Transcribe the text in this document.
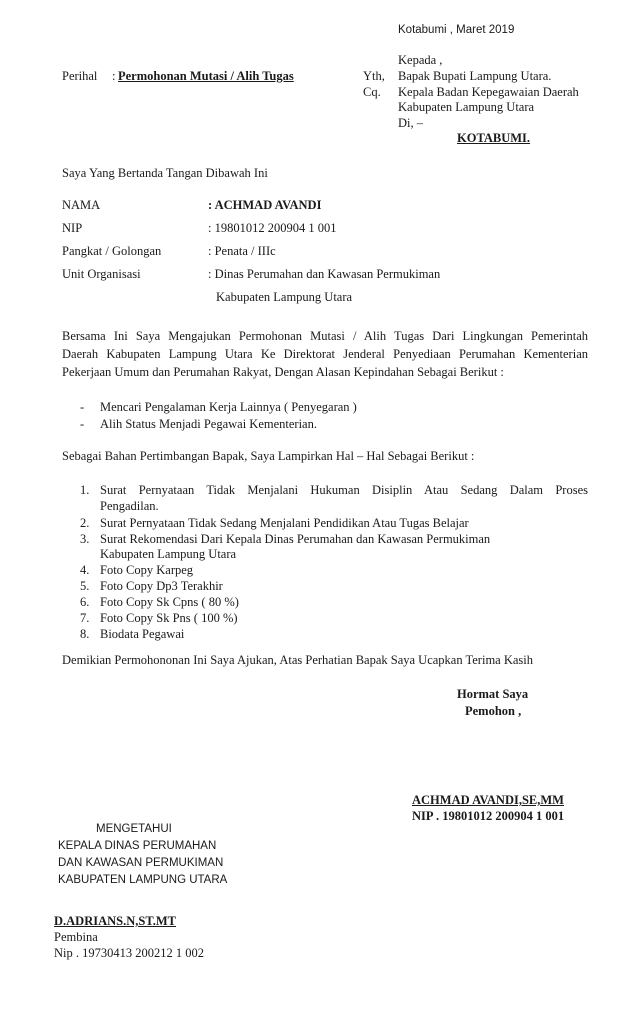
Kotabumi , Maret 2019
Kepada ,
Perihal : Permohonan Mutasi / Alih Tugas	Yth, Bapak Bupati Lampung Utara.
Cq. Kepala Badan Kepegawaian Daerah
Kabupaten Lampung Utara
Di, –
KOTABUMI.
Saya Yang Bertanda Tangan Dibawah Ini
NAMA	: ACHMAD AVANDI
NIP	: 19801012 200904 1 001
Pangkat / Golongan	: Penata / IIIc
Unit Organisasi	: Dinas Perumahan dan Kawasan Permukiman
Kabupaten Lampung Utara
Bersama Ini Saya Mengajukan Permohonan Mutasi / Alih Tugas Dari Lingkungan Pemerintah
Daerah Kabupaten Lampung Utara Ke Direktorat Jenderal Penyediaan Perumahan Kementerian
Pekerjaan Umum dan Perumahan Rakyat, Dengan Alasan Kepindahan Sebagai Berikut :
- Mencari Pengalaman Kerja Lainnya ( Penyegaran )
- Alih Status Menjadi Pegawai Kementerian.
Sebagai Bahan Pertimbangan Bapak, Saya Lampirkan Hal – Hal Sebagai Berikut :
1. Surat Pernyataan Tidak Menjalani Hukuman Disiplin Atau Sedang Dalam Proses
Pengadilan.
2. Surat Pernyataan Tidak Sedang Menjalani Pendidikan Atau Tugas Belajar
3. Surat Rekomendasi Dari Kepala Dinas Perumahan dan Kawasan Permukiman
Kabupaten Lampung Utara
4. Foto Copy Karpeg
5. Foto Copy Dp3 Terakhir
6. Foto Copy Sk Cpns ( 80 %)
7. Foto Copy Sk Pns ( 100 %)
8. Biodata Pegawai
Demikian Permohononan Ini Saya Ajukan, Atas Perhatian Bapak Saya Ucapkan Terima Kasih
Hormat Saya
Pemohon ,
ACHMAD AVANDI,SE,MM
NIP . 19801012 200904 1 001
MENGETAHUI
KEPALA DINAS PERUMAHAN
DAN KAWASAN PERMUKIMAN
KABUPATEN LAMPUNG UTARA
D.ADRIANS.N,ST.MT
Pembina
Nip . 19730413 200212 1 002
